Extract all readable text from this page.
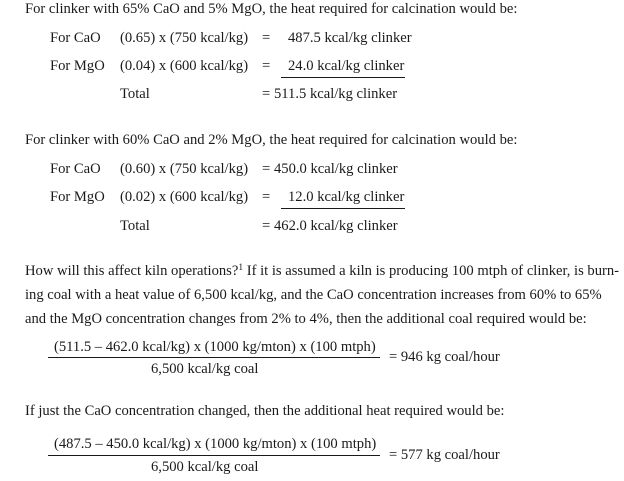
For clinker with 65% CaO and 5% MgO, the heat required for calcination would be:
For CaO (0.65) x (750 kcal/kg) = 487.5 kcal/kg clinker
For MgO (0.04) x (600 kcal/kg) = 24.0 kcal/kg clinker
Total	= 511.5 kcal/kg clinker
For clinker with 60% CaO and 2% MgO, the heat required for calcination would be:
For CaO (0.60) x (750 kcal/kg) = 450.0 kcal/kg clinker
For MgO (0.02) x (600 kcal/kg) = 12.0 kcal/kg clinker
Total	= 462.0 kcal/kg clinker
How will this affect kiln operations?$^1$ If it is assumed a kiln is producing 100 mtph of clinker, is burn-
ing coal with a heat value of 6,500 kcal/kg, and the CaO concentration increases from 60% to 65%
and the MgO concentration changes from 2% to 4%, then the additional coal required would be:
(511.5 – 462.0 kcal/kg) x (1000 kg/mton) x (100 mtph)
6,500 kcal/kg coal
= 946 kg coal/hour
If just the CaO concentration changed, then the additional heat required would be:
(487.5 – 450.0 kcal/kg) x (1000 kg/mton) x (100 mtph)
6,500 kcal/kg coal
= 577 kg coal/hour
